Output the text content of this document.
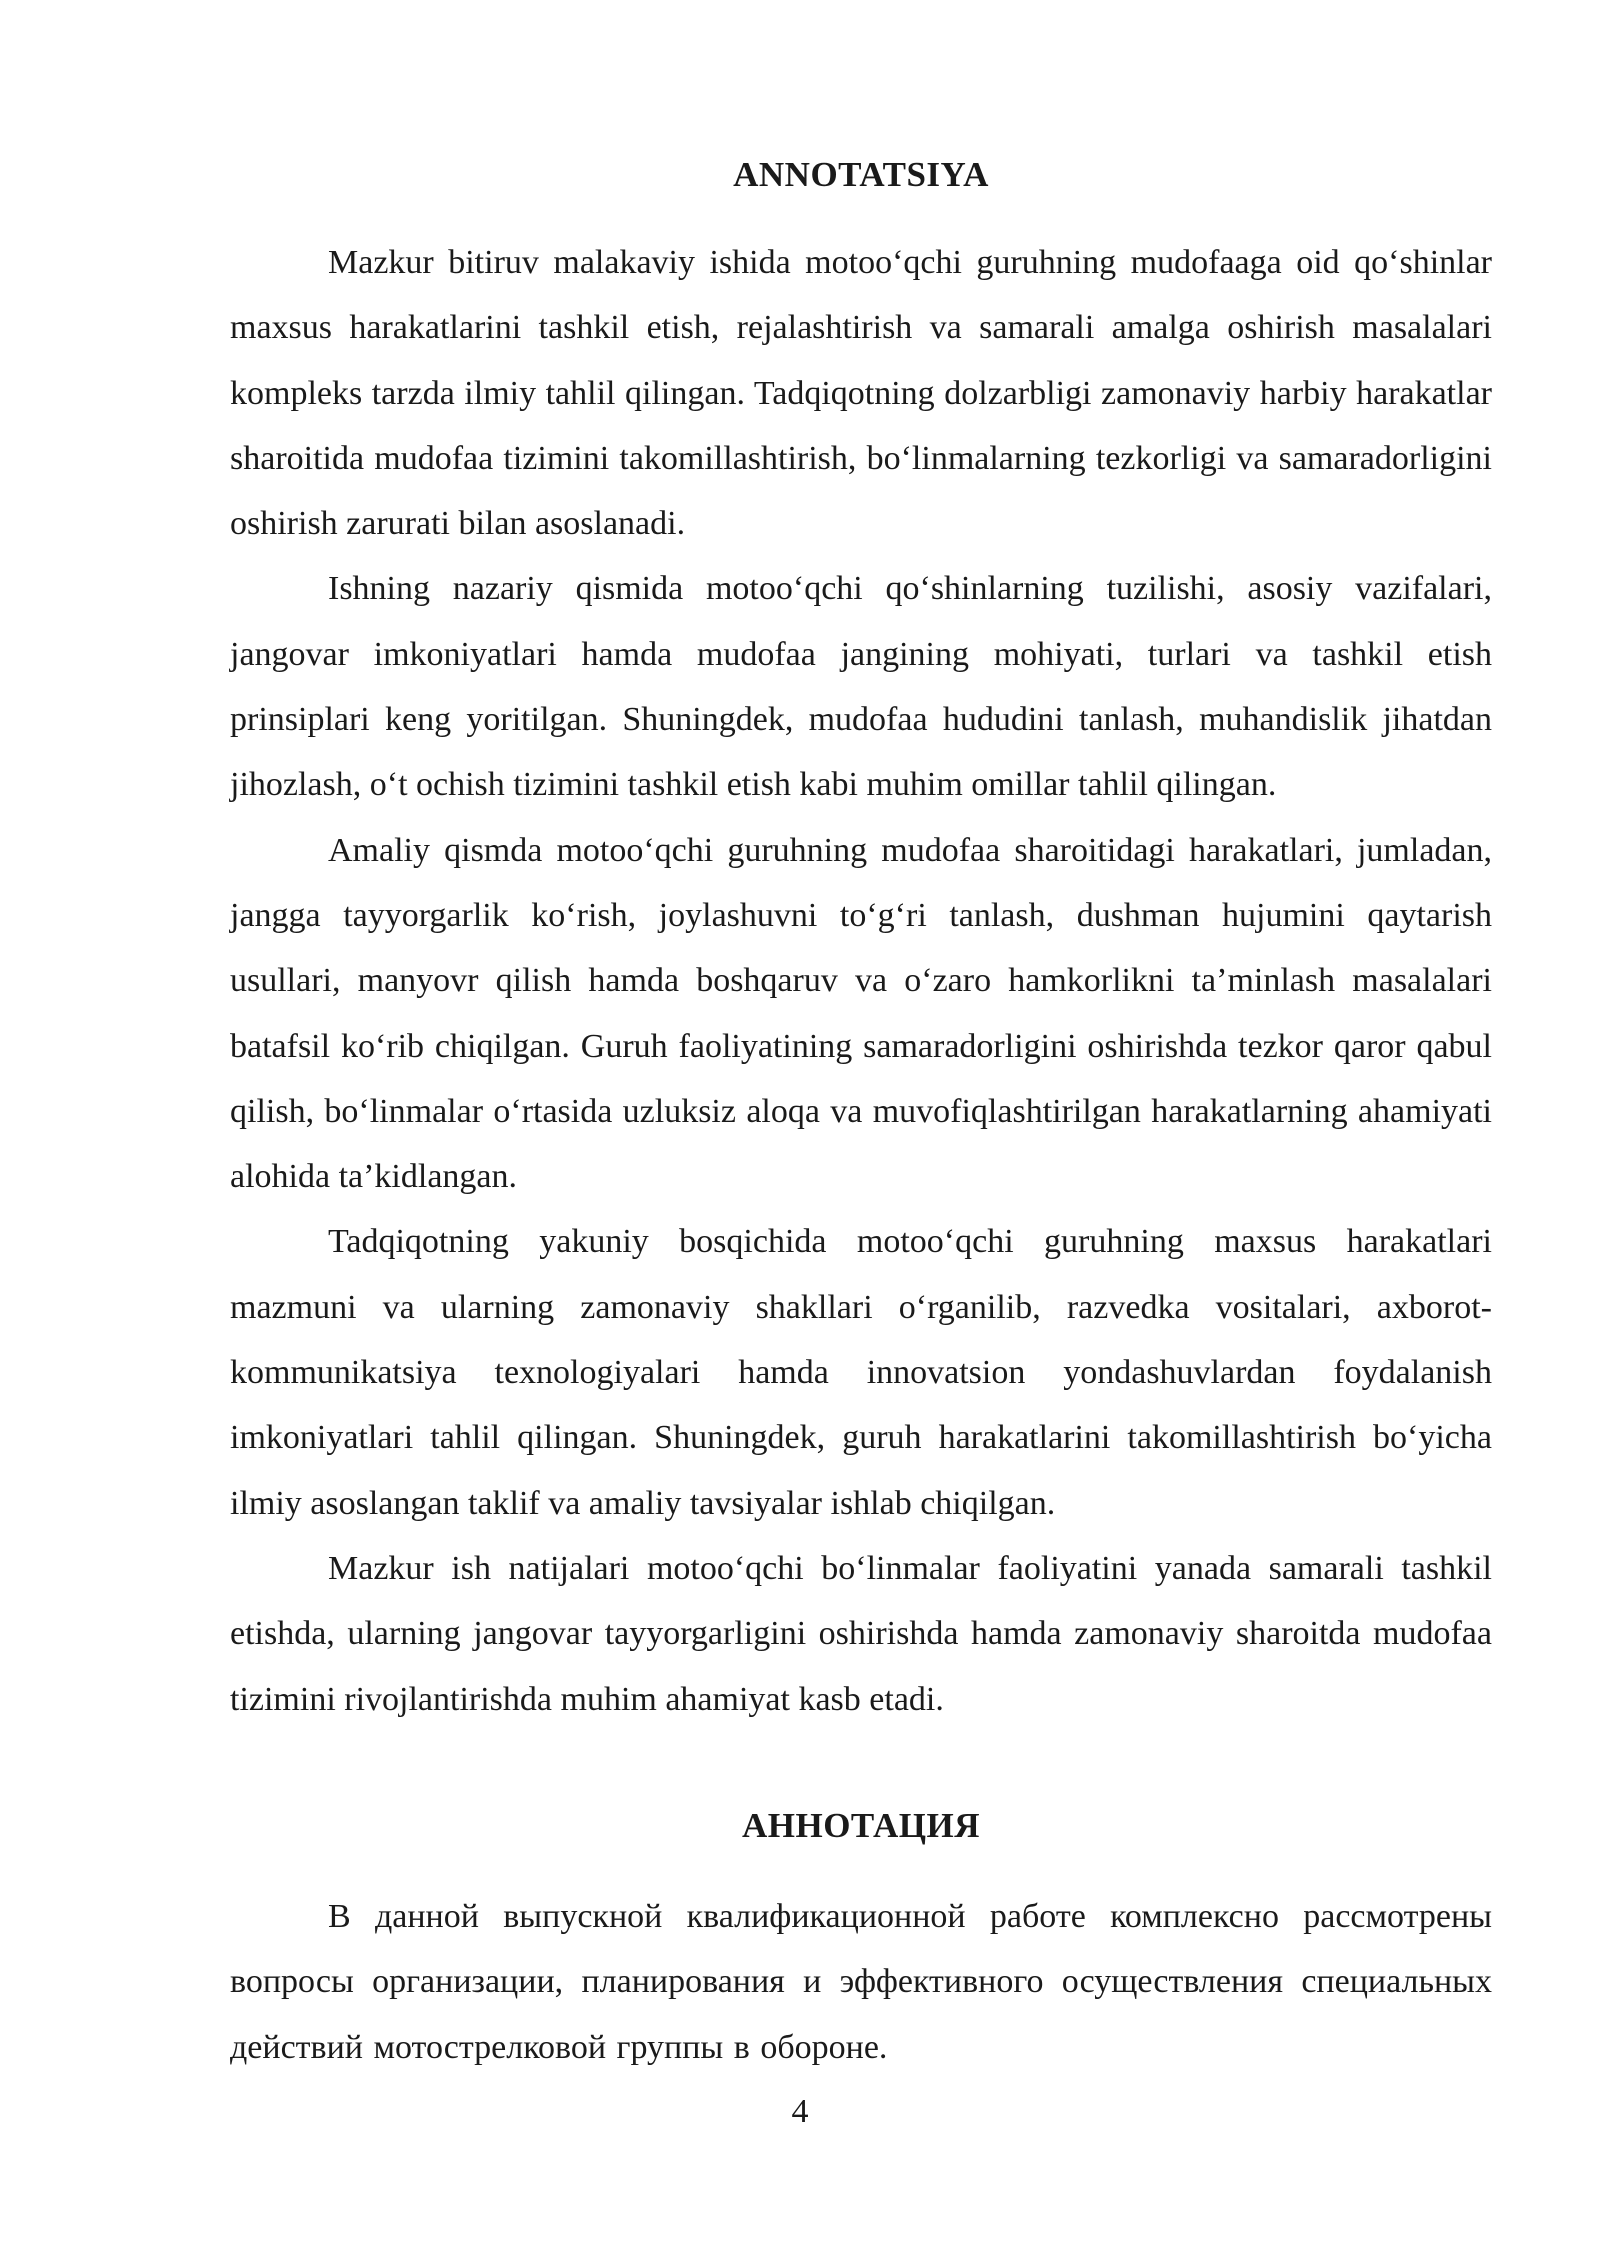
ANNOTATSIYA

Mazkur bitiruv malakaviy ishida motoo‘qchi guruhning mudofaaga oid qo‘shinlar maxsus harakatlarini tashkil etish, rejalashtirish va samarali amalga oshirish masalalari kompleks tarzda ilmiy tahlil qilingan. Tadqiqotning dolzarbligi zamonaviy harbiy harakatlar sharoitida mudofaa tizimini takomillashtirish, bo‘linmalarning tezkorligi va samaradorligini oshirish zarurati bilan asoslanadi.

Ishning nazariy qismida motoo‘qchi qo‘shinlarning tuzilishi, asosiy vazifalari, jangovar imkoniyatlari hamda mudofaa jangining mohiyati, turlari va tashkil etish prinsiplari keng yoritilgan. Shuningdek, mudofaa hududini tanlash, muhandislik jihatdan jihozlash, o‘t ochish tizimini tashkil etish kabi muhim omillar tahlil qilingan.

Amaliy qismda motoo‘qchi guruhning mudofaa sharoitidagi harakatlari, jumladan, jangga tayyorgarlik ko‘rish, joylashuvni to‘g‘ri tanlash, dushman hujumini qaytarish usullari, manyovr qilish hamda boshqaruv va o‘zaro hamkorlikni ta’minlash masalalari batafsil ko‘rib chiqilgan. Guruh faoliyatining samaradorligini oshirishda tezkor qaror qabul qilish, bo‘linmalar o‘rtasida uzluksiz aloqa va muvofiqlashtirilgan harakatlarning ahamiyati alohida ta’kidlangan.

Tadqiqotning yakuniy bosqichida motoo‘qchi guruhning maxsus harakatlari mazmuni va ularning zamonaviy shakllari o‘rganilib, razvedka vositalari, axborot-kommunikatsiya texnologiyalari hamda innovatsion yondashuvlardan foydalanish imkoniyatlari tahlil qilingan. Shuningdek, guruh harakatlarini takomillashtirish bo‘yicha ilmiy asoslangan taklif va amaliy tavsiyalar ishlab chiqilgan.

Mazkur ish natijalari motoo‘qchi bo‘linmalar faoliyatini yanada samarali tashkil etishda, ularning jangovar tayyorgarligini oshirishda hamda zamonaviy sharoitda mudofaa tizimini rivojlantirishda muhim ahamiyat kasb etadi.

АННОТАЦИЯ

В данной выпускной квалификационной работе комплексно рассмотрены вопросы организации, планирования и эффективного осуществления специальных действий мотострелковой группы в обороне.

4
